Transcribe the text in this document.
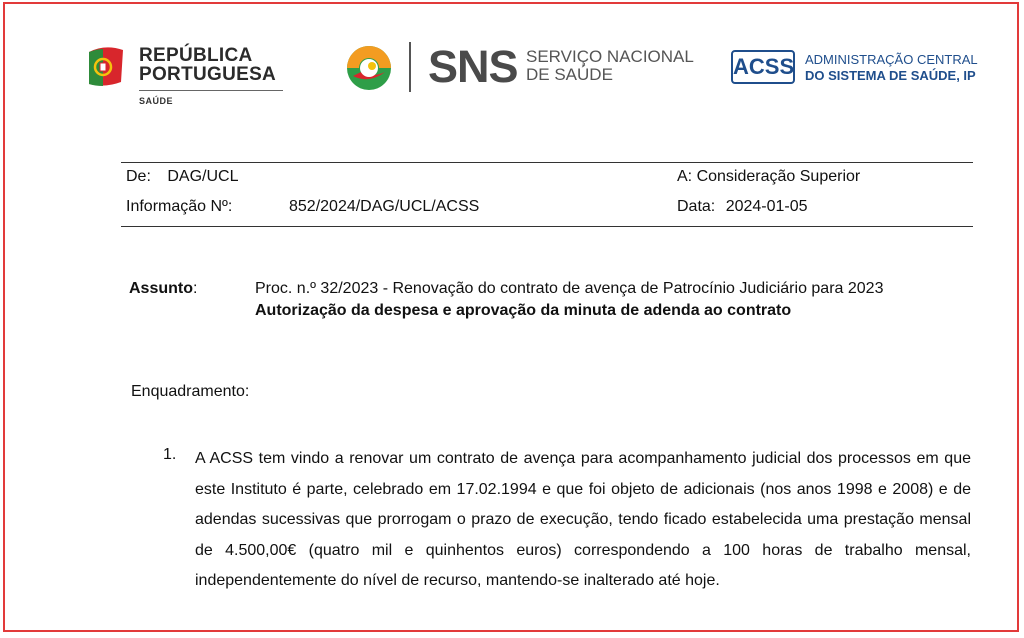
REPÚBLICA
PORTUGUESA
SAÚDE
SNS SERVIÇO NACIONAL
DE SAÚDE	ACSS ADMINISTRAÇÃO CENTRAL
DO SISTEMA DE SAÚDE, IP
De: DAG/UCL	A: Consideração Superior
Informação Nº:	852/2024/DAG/UCL/ACSS	Data: 2024-01-05
Assunto:	Proc. n.º 32/2023 - Renovação do contrato de avença de Patrocínio Judiciário para 2023
Autorização da despesa e aprovação da minuta de adenda ao contrato
Enquadramento:
1. A ACSS tem vindo a renovar um contrato de avença para acompanhamento judicial dos processos em que este Instituto é parte, celebrado em 17.02.1994 e que foi objeto de adicionais (nos anos 1998 e 2008) e de adendas sucessivas que prorrogam o prazo de execução, tendo ficado estabelecida uma prestação mensal de 4.500,00€ (quatro mil e quinhentos euros) correspondendo a 100 horas de trabalho mensal, independentemente do nível de recurso, mantendo-se inalterado até hoje.
